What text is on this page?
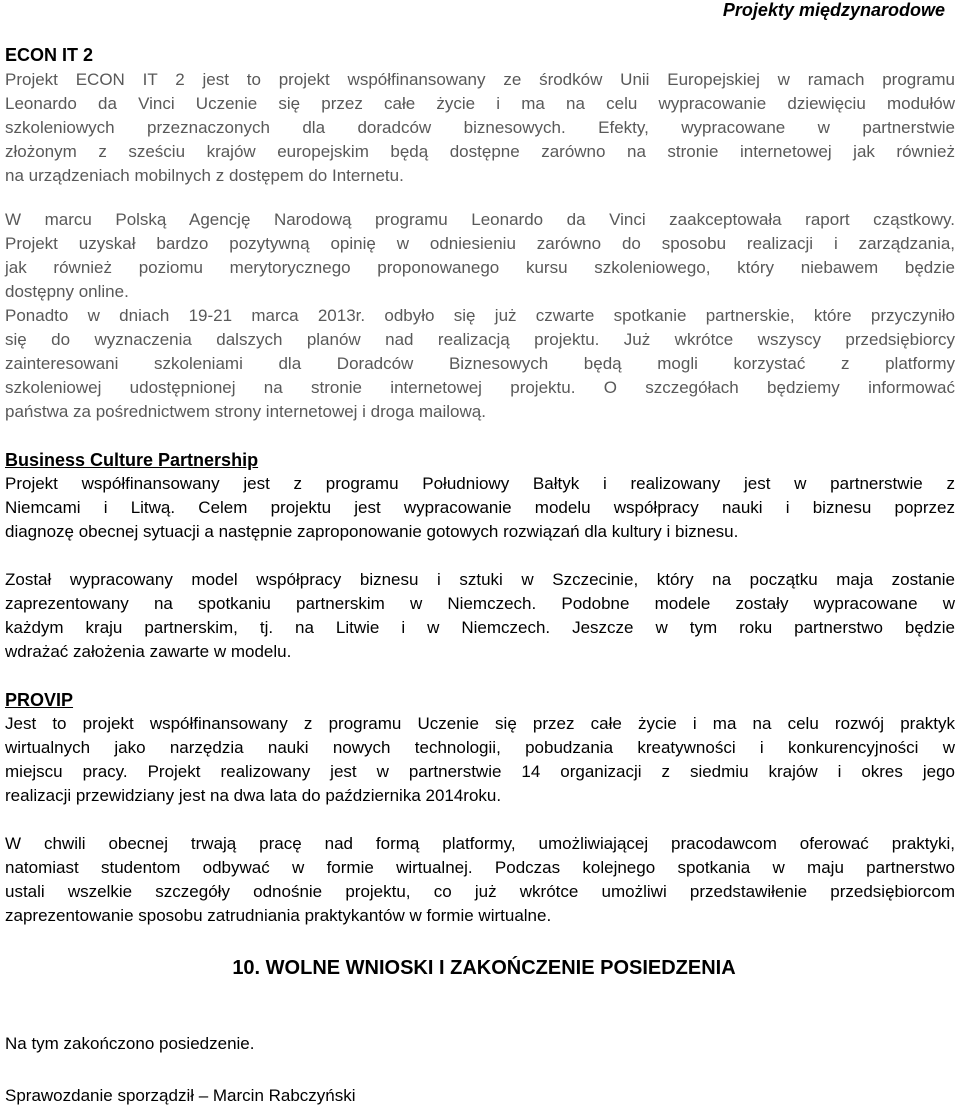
Projekty międzynarodowe
ECON IT 2

Projekt ECON IT 2 jest to projekt współfinansowany ze środków Unii Europejskiej w ramach programu
Leonardo da Vinci Uczenie się przez całe życie i ma na celu wypracowanie dziewięciu modułów
szkoleniowych przeznaczonych dla doradców biznesowych. Efekty, wypracowane w partnerstwie
złożonym z sześciu krajów europejskim będą dostępne zarówno na stronie internetowej jak również
na urządzeniach mobilnych z dostępem do Internetu.

W marcu Polską Agencję Narodową programu Leonardo da Vinci zaakceptowała raport cząstkowy.
Projekt uzyskał bardzo pozytywną opinię w odniesieniu zarówno do sposobu realizacji i zarządzania,
jak również poziomu merytorycznego proponowanego kursu szkoleniowego, który niebawem będzie
dostępny online.

Ponadto w dniach 19-21 marca 2013r. odbyło się już czwarte spotkanie partnerskie, które przyczyniło
się do wyznaczenia dalszych planów nad realizacją projektu. Już wkrótce wszyscy przedsiębiorcy
zainteresowani szkoleniami dla Doradców Biznesowych będą mogli korzystać z platformy
szkoleniowej udostępnionej na stronie internetowej projektu. O szczegółach będziemy informować
państwa za pośrednictwem strony internetowej i droga mailową.

Business Culture Partnership

Projekt współfinansowany jest z programu Południowy Bałtyk i realizowany jest w partnerstwie z
Niemcami i Litwą. Celem projektu jest wypracowanie modelu współpracy nauki i biznesu poprzez
diagnozę obecnej sytuacji a następnie zaproponowanie gotowych rozwiązań dla kultury i biznesu.

Został wypracowany model współpracy biznesu i sztuki w Szczecinie, który na początku maja zostanie
zaprezentowany na spotkaniu partnerskim w Niemczech. Podobne modele zostały wypracowane w
każdym kraju partnerskim, tj. na Litwie i w Niemczech. Jeszcze w tym roku partnerstwo będzie
wdrażać założenia zawarte w modelu.

PROVIP

Jest to projekt współfinansowany z programu Uczenie się przez całe życie i ma na celu rozwój praktyk
wirtualnych jako narzędzia nauki nowych technologii, pobudzania kreatywności i konkurencyjności w
miejscu pracy. Projekt realizowany jest w partnerstwie 14 organizacji z siedmiu krajów i okres jego
realizacji przewidziany jest na dwa lata do października 2014roku.

W chwili obecnej trwają pracę nad formą platformy, umożliwiającej pracodawcom oferować praktyki,
natomiast studentom odbywać w formie wirtualnej. Podczas kolejnego spotkania w maju partnerstwo
ustali wszelkie szczegóły odnośnie projektu, co już wkrótce umożliwi przedstawiłenie przedsiębiorcom
zaprezentowanie sposobu zatrudniania praktykantów w formie wirtualne.

10. WOLNE WNIOSKI I ZAKOŃCZENIE POSIEDZENIA

Na tym zakończono posiedzenie.

Sprawozdanie sporządził – Marcin Rabczyński
